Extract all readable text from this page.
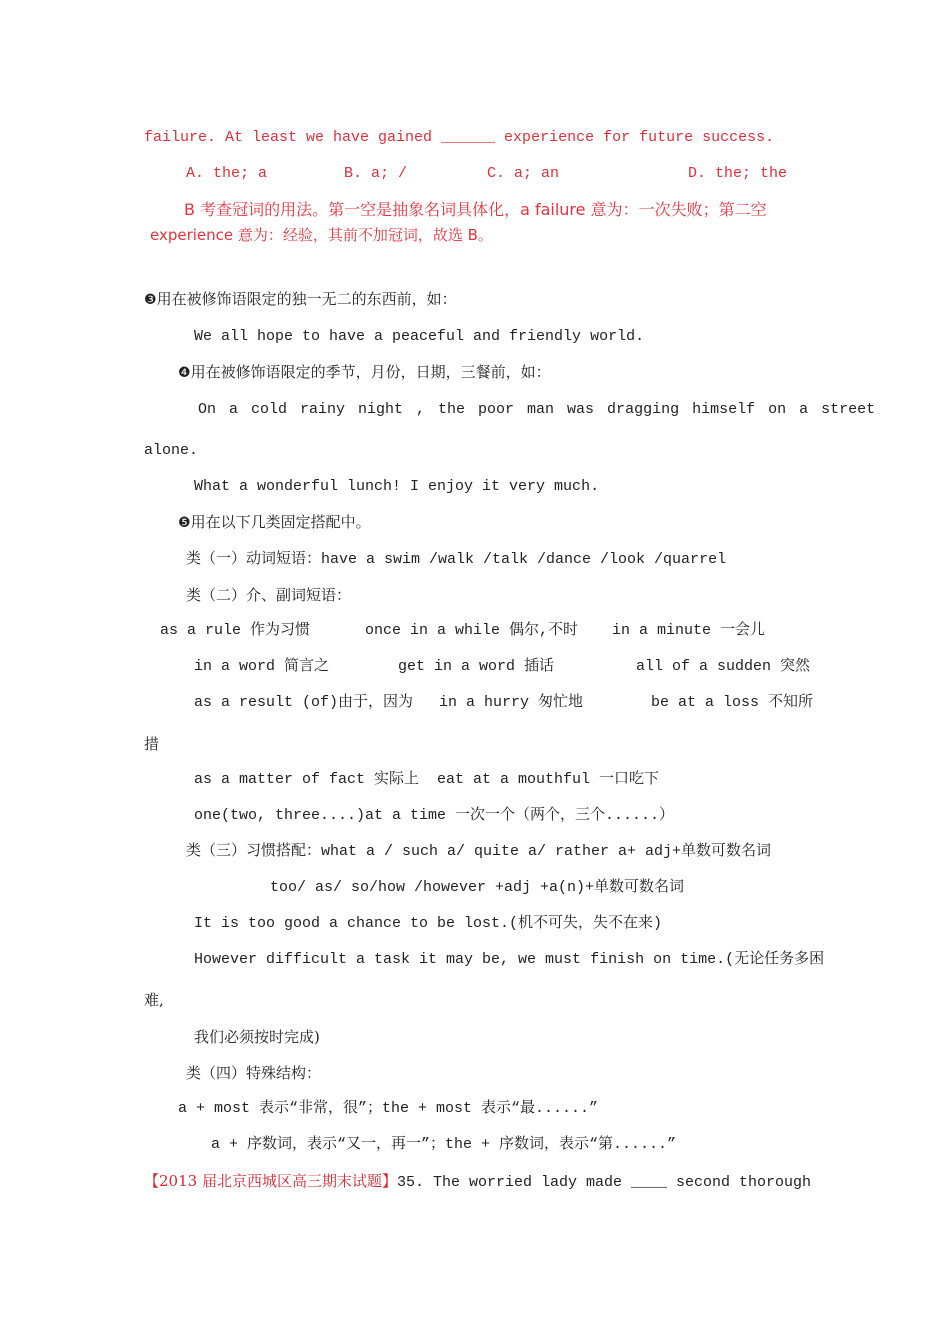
failure. At least we have gained ______ experience for future success.
A. the; a	B. a; /	C. a; an	D. the; the
B 考查冠词的用法。第一空是抽象名词具体化，a failure 意为：一次失败；第二空
experience 意为：经验，其前不加冠词，故选 B。
❸用在被修饰语限定的独一无二的东西前，如：
We all hope to have a peaceful and friendly world.
❹用在被修饰语限定的季节，月份，日期，三餐前，如：
On a cold rainy night , the poor man was dragging himself on a street
alone.
What a wonderful lunch! I enjoy it very much.
❺用在以下几类固定搭配中。
类（一）动词短语：have a swim /walk /talk /dance /look /quarrel
类（二）介、副词短语：
as a rule 作为习惯	once in a while 偶尔,不时 in a minute 一会儿
in a word 简言之	get in a word 插话	all of a sudden 突然
as a result (of)由于，因为 in a hurry 匆忙地	be at a loss 不知所
措
as a matter of fact 实际上  eat at a mouthful 一口吃下
one(two, three....)at a time 一次一个（两个，三个......）
类（三）习惯搭配：what a / such a/ quite a/ rather a+ adj+单数可数名词
too/ as/ so/how /however +adj +a(n)+单数可数名词
It is too good a chance to be lost.(机不可失，失不在来)
However difficult a task it may be, we must finish on time.(无论任务多困
难,
我们必须按时完成)
类（四）特殊结构：
a + most 表示“非常，很”；the + most 表示“最......”
a + 序数词，表示“又一，再一”；the + 序数词，表示“第......”
【2013 届北京西城区高三期末试题】35. The worried lady made ____ second thorough
